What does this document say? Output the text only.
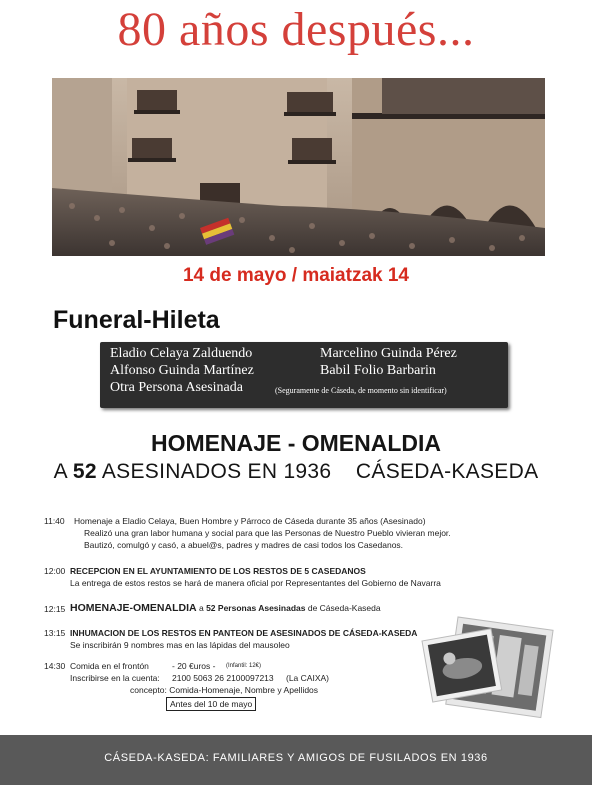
80 años después...
14 de mayo / maiatzak 14
Funeral-Hileta
Eladio Celaya Zalduendo
Alfonso Guinda Martínez
Marcelino Guinda Pérez
Babil Folio Barbarin
Otra Persona Asesinada	(Seguramente de Cáseda, de momento sin identificar)
HOMENAJE - OMENALDIA
A 52 ASESINADOS EN 1936 CÁSEDA-KASEDA
11:40 Homenaje a Eladio Celaya, Buen Hombre y Párroco de Cáseda durante 35 años (Asesinado)
Realizó una gran labor humana y social para que las Personas de Nuestro Pueblo vivieran mejor.
Bautizó, comulgó y casó, a abuel@s, padres y madres de casi todos los Casedanos.
12:00 RECEPCION EN EL AYUNTAMIENTO DE LOS RESTOS DE 5 CASEDANOS
La entrega de estos restos se hará de manera oficial por Representantes del Gobierno de Navarra
12:15 HOMENAJE-OMENALDIA a 52 Personas Asesinadas de Cáseda-Kaseda
13:15 INHUMACION DE LOS RESTOS EN PANTEON DE ASESINADOS DE CÁSEDA-KASEDA
Se inscribirán 9 nombres mas en las lápidas del mausoleo
14:30 Comida en el frontón	- 20 €uros - (Infantil: 12€)
Inscribirse en la cuenta: 2100 5063 26 2100097213 (La CAIXA)
concepto: Comida-Homenaje, Nombre y Apellidos
Antes del 10 de mayo
CÁSEDA-KASEDA: FAMILIARES Y AMIGOS DE FUSILADOS EN 1936
